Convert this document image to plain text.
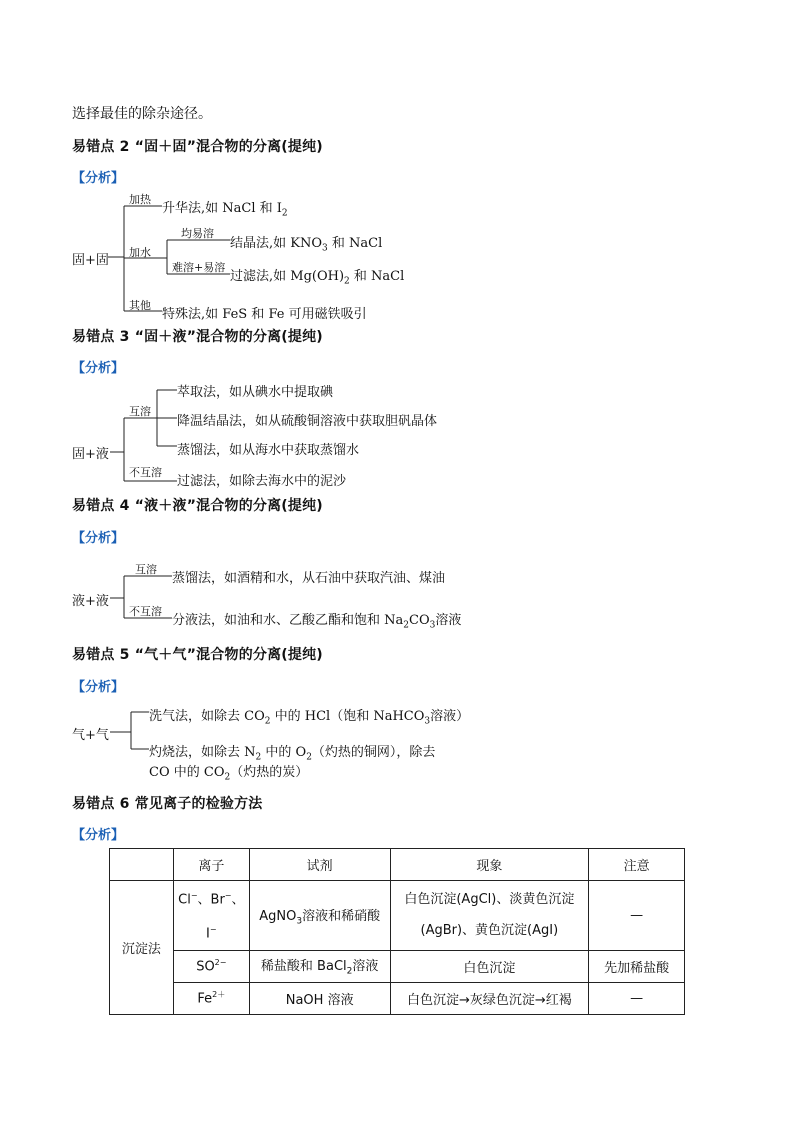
选择最佳的除杂途径。
易错点 2 “固＋固”混合物的分离(提纯)
【分析】
固+固
加热
升华法,如 NaCl 和 $I_2$
加水
均易溶
结晶法,如 $KNO_3$ 和 NaCl
难溶+易溶
过滤法,如 $Mg(OH)_2$ 和 NaCl
其他
特殊法,如 FeS 和 Fe 可用磁铁吸引
易错点 3 “固＋液”混合物的分离(提纯)
【分析】
固+液
互溶
萃取法，如从碘水中提取碘
降温结晶法，如从硫酸铜溶液中获取胆矾晶体
蒸馏法，如从海水中获取蒸馏水
不互溶
过滤法，如除去海水中的泥沙
易错点 4 “液＋液”混合物的分离(提纯)
【分析】
液+液
互溶
蒸馏法，如酒精和水，从石油中获取汽油、煤油
不互溶
分液法，如油和水、乙酸乙酯和饱和 $Na_2CO_3$溶液
易错点 5 “气＋气”混合物的分离(提纯)
【分析】
气+气
洗气法，如除去 $CO_2$ 中的 HCl（饱和 NaHCO$_3$溶液）
灼烧法，如除去 $N_2$ 中的 $O_2$（灼热的铜网），除去
CO 中的 $CO_2$（灼热的炭）
易错点 6 常见离子的检验方法
【分析】
	离子	试剂	现象	注意
沉淀法	Cl−、Br−、
I−	AgNO$_3$溶液和稀硝酸	白色沉淀(AgCl)、淡黄色沉淀
(AgBr)、黄色沉淀(AgI)	—
	$SO^{2-}$	稀盐酸和 BaCl$_2$溶液	白色沉淀	先加稀盐酸
	$Fe^{2+}$	NaOH 溶液	白色沉淀→灰绿色沉淀→红褐	—
